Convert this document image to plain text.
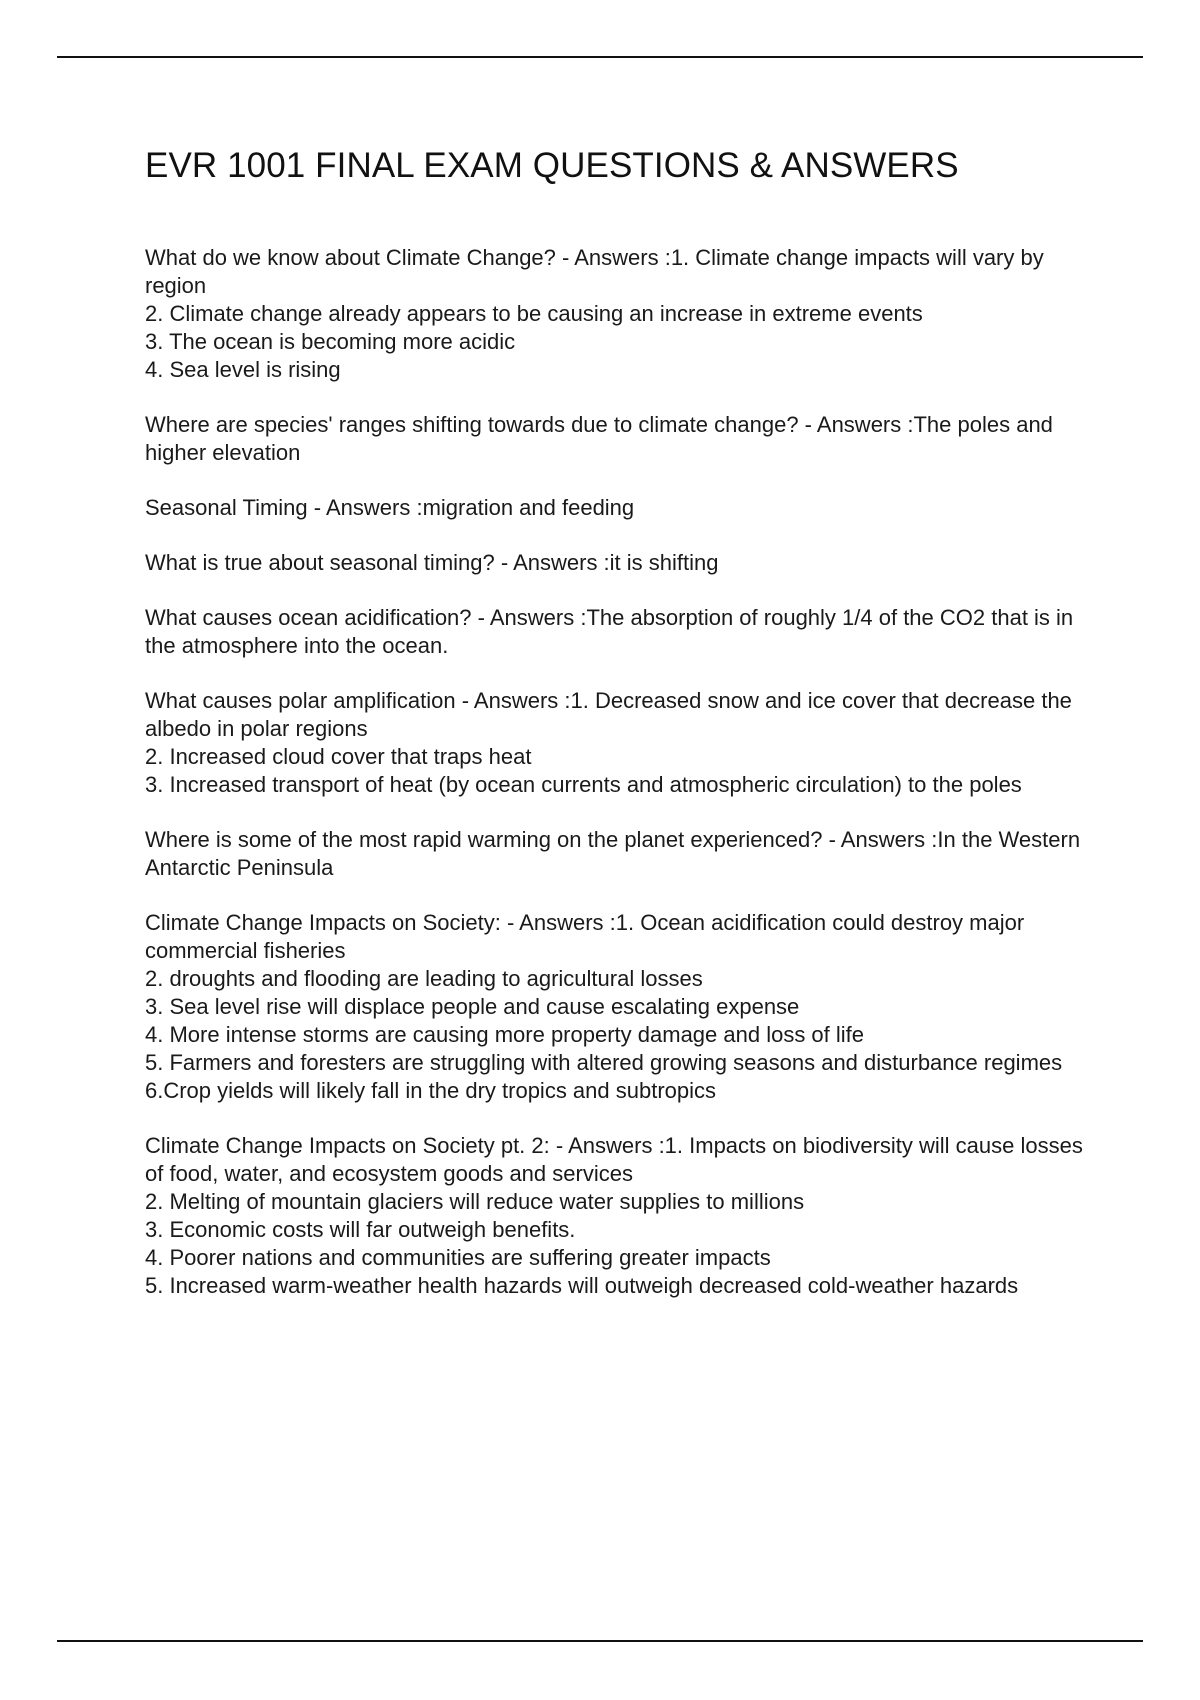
EVR 1001 FINAL EXAM QUESTIONS & ANSWERS

What do we know about Climate Change? - Answers :1. Climate change impacts will vary by region

2. Climate change already appears to be causing an increase in extreme events

3. The ocean is becoming more acidic

4. Sea level is rising

Where are species' ranges shifting towards due to climate change? - Answers :The poles and higher elevation

Seasonal Timing - Answers :migration and feeding

What is true about seasonal timing? - Answers :it is shifting

What causes ocean acidification? - Answers :The absorption of roughly 1/4 of the CO2 that is in the atmosphere into the ocean.

What causes polar amplification - Answers :1. Decreased snow and ice cover that decrease the albedo in polar regions

2. Increased cloud cover that traps heat

3. Increased transport of heat (by ocean currents and atmospheric circulation) to the poles

Where is some of the most rapid warming on the planet experienced? - Answers :In the Western Antarctic Peninsula

Climate Change Impacts on Society: - Answers :1. Ocean acidification could destroy major commercial fisheries

2. droughts and flooding are leading to agricultural losses

3. Sea level rise will displace people and cause escalating expense

4. More intense storms are causing more property damage and loss of life

5. Farmers and foresters are struggling with altered growing seasons and disturbance regimes

6.Crop yields will likely fall in the dry tropics and subtropics

Climate Change Impacts on Society pt. 2: - Answers :1. Impacts on biodiversity will cause losses of food, water, and ecosystem goods and services

2. Melting of mountain glaciers will reduce water supplies to millions

3. Economic costs will far outweigh benefits.

4. Poorer nations and communities are suffering greater impacts

5. Increased warm-weather health hazards will outweigh decreased cold-weather hazards
